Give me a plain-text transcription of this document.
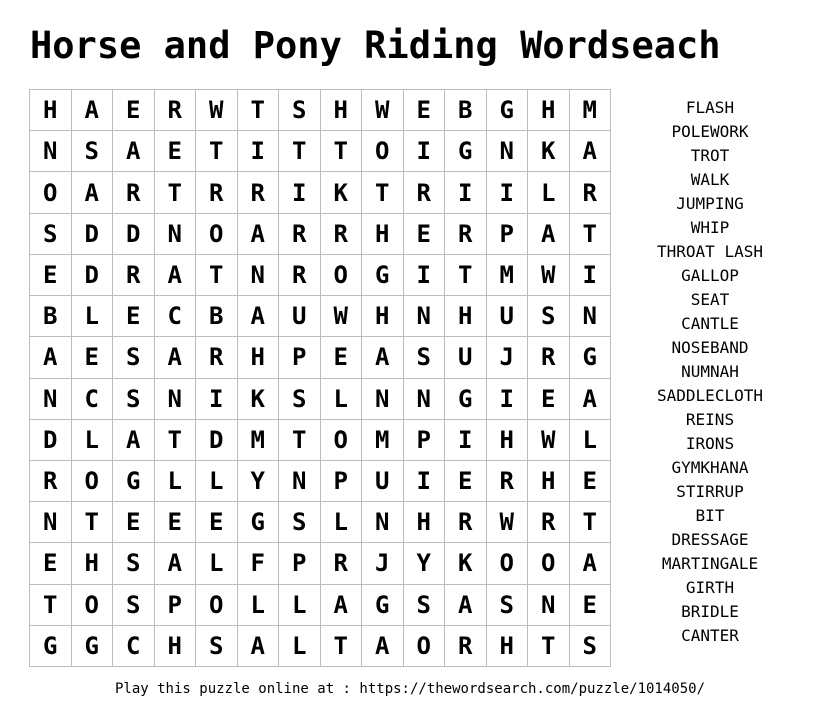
Horse and Pony Riding Wordseach
H	A	E	R	W	T	S	H	W	E	B	G	H	M
N	S	A	E	T	I	T	T	O	I	G	N	K	A
O	A	R	T	R	R	I	K	T	R	I	I	L	R
S	D	D	N	O	A	R	R	H	E	R	P	A	T
E	D	R	A	T	N	R	O	G	I	T	M	W	I
B	L	E	C	B	A	U	W	H	N	H	U	S	N
A	E	S	A	R	H	P	E	A	S	U	J	R	G
N	C	S	N	I	K	S	L	N	N	G	I	E	A
D	L	A	T	D	M	T	O	M	P	I	H	W	L
R	O	G	L	L	Y	N	P	U	I	E	R	H	E
N	T	E	E	E	G	S	L	N	H	R	W	R	T
E	H	S	A	L	F	P	R	J	Y	K	O	O	A
T	O	S	P	O	L	L	A	G	S	A	S	N	E
G	G	C	H	S	A	L	T	A	O	R	H	T	S
FLASH
POLEWORK
TROT
WALK
JUMPING
WHIP
THROAT LASH
GALLOP
SEAT
CANTLE
NOSEBAND
NUMNAH
SADDLECLOTH
REINS
IRONS
GYMKHANA
STIRRUP
BIT
DRESSAGE
MARTINGALE
GIRTH
BRIDLE
CANTER
Play this puzzle online at : https://thewordsearch.com/puzzle/1014050/
